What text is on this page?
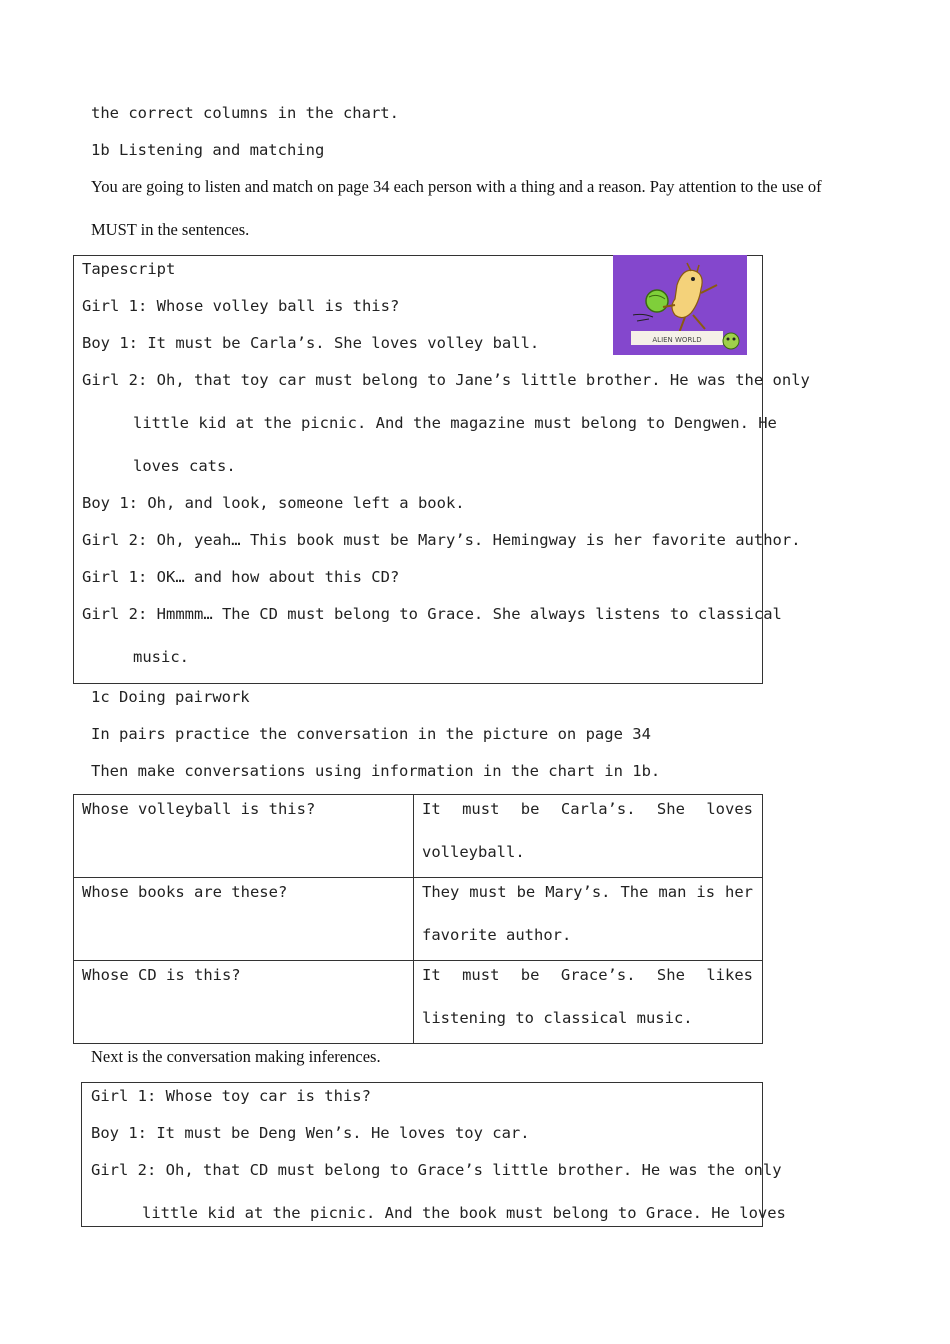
the correct columns in the chart.
1b Listening and matching
You are going to listen and match on page 34 each person with a thing and a reason. Pay attention to the use of
MUST in the sentences.
Tapescript
ALIEN WORLD
Girl 1: Whose volley ball is this?
Boy 1: It must be Carla’s. She loves volley ball.
Girl 2: Oh, that toy car must belong to Jane’s little brother. He was the only
little kid at the picnic. And the magazine must belong to Dengwen. He
loves cats.
Boy 1: Oh, and look, someone left a book.
Girl 2: Oh, yeah… This book must be Mary’s. Hemingway is her favorite author.
Girl 1: OK… and how about this CD?
Girl 2: Hmmmm… The CD must belong to Grace. She always listens to classical
music.
1c Doing pairwork
In pairs practice the conversation in the picture on page 34
Then make conversations using information in the chart in 1b.
Whose volleyball is this?	It must be Carla’s. She loves
volleyball.
Whose books are these?	They must be Mary’s. The man is her
favorite author.
Whose CD is this?	It must be Grace’s. She likes
listening to classical music.
Next is the conversation making inferences.
Girl 1: Whose toy car is this?
Boy 1: It must be Deng Wen’s. He loves toy car.
Girl 2: Oh, that CD must belong to Grace’s little brother. He was the only
little kid at the picnic. And the book must belong to Grace. He loves
